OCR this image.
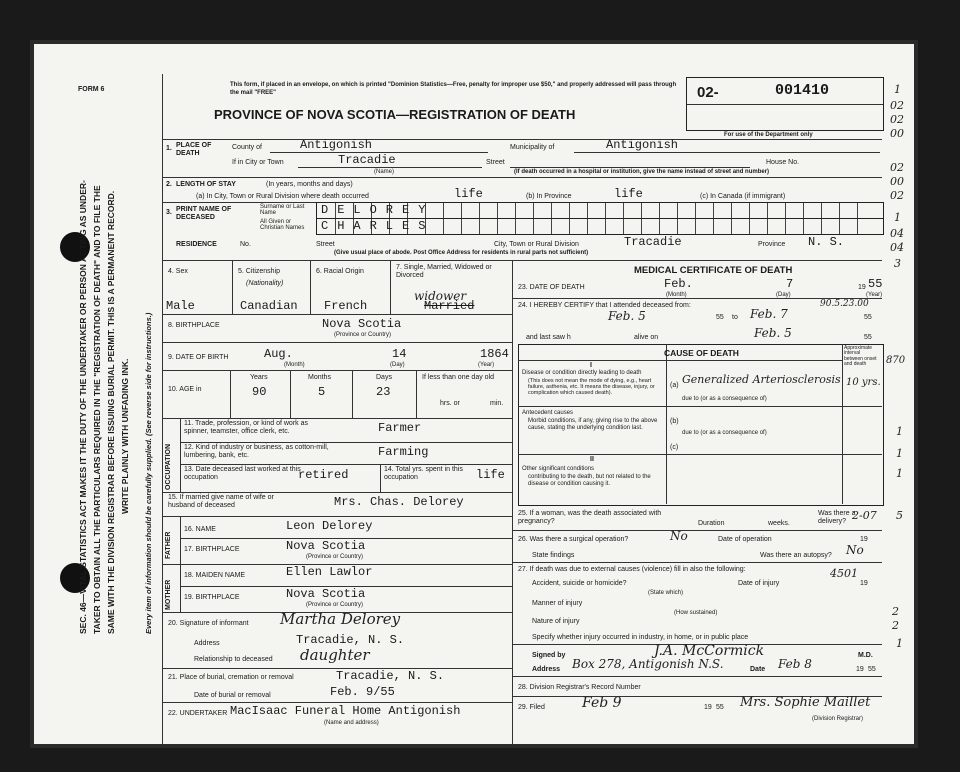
SEC. 46—VITAL STATISTICS ACT MAKES IT THE DUTY OF THE UNDERTAKER OR PERSON ACTING AS UNDER- TAKER TO OBTAIN ALL THE PARTICULARS REQUIRED IN THE "REGISTRATION OF DEATH" AND TO FILE THE SAME WITH THE DIVISION REGISTRAR BEFORE ISSUING BURIAL PERMIT. THIS IS A PERMANENT RECORD. WRITE PLAINLY WITH UNFADING INK. Every item of information should be carefully supplied. (See reverse side for instructions.)
FORM 6
This form, if placed in an envelope, on which is printed "Dominion Statistics—Free, penalty for improper use $50," and properly addressed will pass through the mail "FREE"
PROVINCE OF NOVA SCOTIA—REGISTRATION OF DEATH
02-	001410
For use of the Department only
1. PLACE OF DEATH
County of	Antigonish	Municipality of	Antigonish
If in City or Town	Tracadie
(Name)
Street	House No.
(If death occurred in a hospital or institution, give the name instead of street and number)
2. LENGTH OF STAY	(In years, months and days)
(a) In City, Town or Rural Division where death occurred	life	(b) In Province	life	(c) In Canada (if immigrant)
3. PRINT NAME OF DECEASED
Surname or Last Name
All Given or Christian Names
DELOREY
CHARLES
RESIDENCE	No.	Street	City, Town or Rural Division	Tracadie	Province N. S.
(Give usual place of abode. Post Office Address for residents in rural parts not sufficient)
4. Sex
Male
5. Citizenship
(Nationality)
Canadian
6. Racial Origin
French
7. Single, Married, Widowed or Divorced
Married
widower
8. BIRTHPLACE	Nova Scotia
(Province or Country)
9. DATE OF BIRTH	Aug.	14	1864
(Month)	(Day)	(Year)
10. AGE in
Years	Months	Days
90	5	23
If less than one day old
hrs. or	min.
OCCUPATION
11. Trade, profession, or kind of work as spinner, teamster, office clerk, etc.	Farmer
12. Kind of industry or business, as cotton-mill, lumbering, bank, etc.	Farming
13. Date deceased last worked at this occupation	retired	14. Total yrs. spent in this occupation	life
15. If married give name of wife or husband of deceased	Mrs. Chas. Delorey
FATHER
MOTHER
16. NAME	Leon Delorey
17. BIRTHPLACE	Nova Scotia
(Province or Country)
18. MAIDEN NAME	Ellen Lawlor
19. BIRTHPLACE	Nova Scotia
(Province or Country)
20. Signature of informant Martha Delorey
Address	Tracadie, N. S.
Relationship to deceased daughter
21. Place of burial, cremation or removal	Tracadie, N. S.
Date of burial or removal	Feb. 9/55
22. UNDERTAKER
(Name and address)
MacIsaac Funeral Home Antigonish
MEDICAL CERTIFICATE OF DEATH
23. DATE OF DEATH	Feb.	7	19 55
(Month)	(Day)	(Year)
24. I HEREBY CERTIFY that I attended deceased from:
Feb. 5	55 to Feb. 7	55
and last saw h	alive on	Feb. 5	55
CAUSE OF DEATH	Approximate interval between onset and death
I
Disease or condition directly leading to death
(This does not mean the mode of dying, e.g., heart failure, asthenia, etc. It means the disease, injury, or complication which caused death).
(a) Generalized Arteriosclerosis 10 yrs.
due to (or as a consequence of)
Antecedent causes
Morbid conditions, if any, giving rise to the above cause, stating the underlying condition last.
(b)
due to (or as a consequence of)
(c)
II
Other significant conditions
contributing to the death, but not related to the disease or condition causing it.
25. If a woman, was the death associated with pregnancy?	Duration	weeks.
Was there a delivery?
26. Was there a surgical operation?	No	Date of operation	19
State findings	Was there an autopsy? No
27. If death was due to external causes (violence) fill in also the following:
Accident, suicide or homicide?
(State which)
Date of injury	19
Manner of injury
(How sustained)
Nature of injury
Specify whether injury occurred in industry, in home, or in public place
Signed by	J.A. McCormick	M.D.
Address Box 278, Antigonish N.S.	Date Feb 8	19 55
28. Division Registrar's Record Number
29. Filed	Feb 9	19 55 Mrs. Sophie Maillet
(Division Registrar)
1
02
02
00
02
00
02
1
04
04
3
1
1
1
2
2
1
870
4501
2-07 5
90.5.23.00
